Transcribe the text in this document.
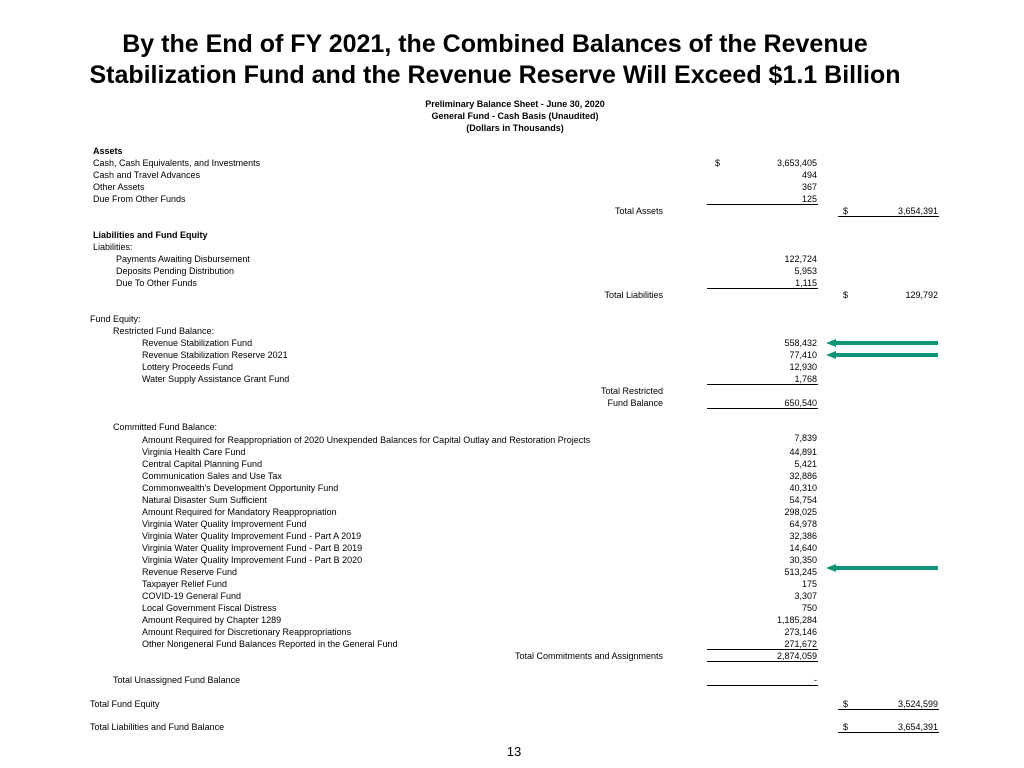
By the End of FY 2021, the Combined Balances of the Revenue
Stabilization Fund and the Revenue Reserve Will Exceed $1.1 Billion
Preliminary Balance Sheet - June 30, 2020
General Fund - Cash Basis (Unaudited)
(Dollars in Thousands)
Assets
Cash, Cash Equivalents, and Investments	$	3,653,405
Cash and Travel Advances	494
Other Assets	367
Due From Other Funds	125
Total Assets	$	3,654,391
Liabilities and Fund Equity
Liabilities:
Payments Awaiting Disbursement	122,724
Deposits Pending Distribution	5,953
Due To Other Funds	1,115
Total Liabilities	$	129,792
Fund Equity:
Restricted Fund Balance:
Revenue Stabilization Fund	558,432
Revenue Stabilization Reserve 2021	77,410
Lottery Proceeds Fund	12,930
Water Supply Assistance Grant Fund	1,768
Total Restricted
Fund Balance	650,540
Committed Fund Balance:
Amount Required for Reappropriation of 2020 Unexpended Balances for Capital Outlay and Restoration Projects	7,839
Virginia Health Care Fund	44,891
Central Capital Planning Fund	5,421
Communication Sales and Use Tax	32,886
Commonwealth's Development Opportunity Fund	40,310
Natural Disaster Sum Sufficient	54,754
Amount Required for Mandatory Reappropriation	298,025
Virginia Water Quality Improvement Fund	64,978
Virginia Water Quality Improvement Fund - Part A 2019	32,386
Virginia Water Quality Improvement Fund - Part B 2019	14,640
Virginia Water Quality Improvement Fund - Part B 2020	30,350
Revenue Reserve Fund	513,245
Taxpayer Relief Fund	175
COVID-19 General Fund	3,307
Local Government Fiscal Distress	750
Amount Required by Chapter 1289	1,185,284
Amount Required for Discretionary Reappropriations	273,146
Other Nongeneral Fund Balances Reported in the General Fund	271,672
Total Commitments and Assignments	2,874,059
Total Unassigned Fund Balance	-
Total Fund Equity	$	3,524,599
Total Liabilities and Fund Balance	$	3,654,391
13
